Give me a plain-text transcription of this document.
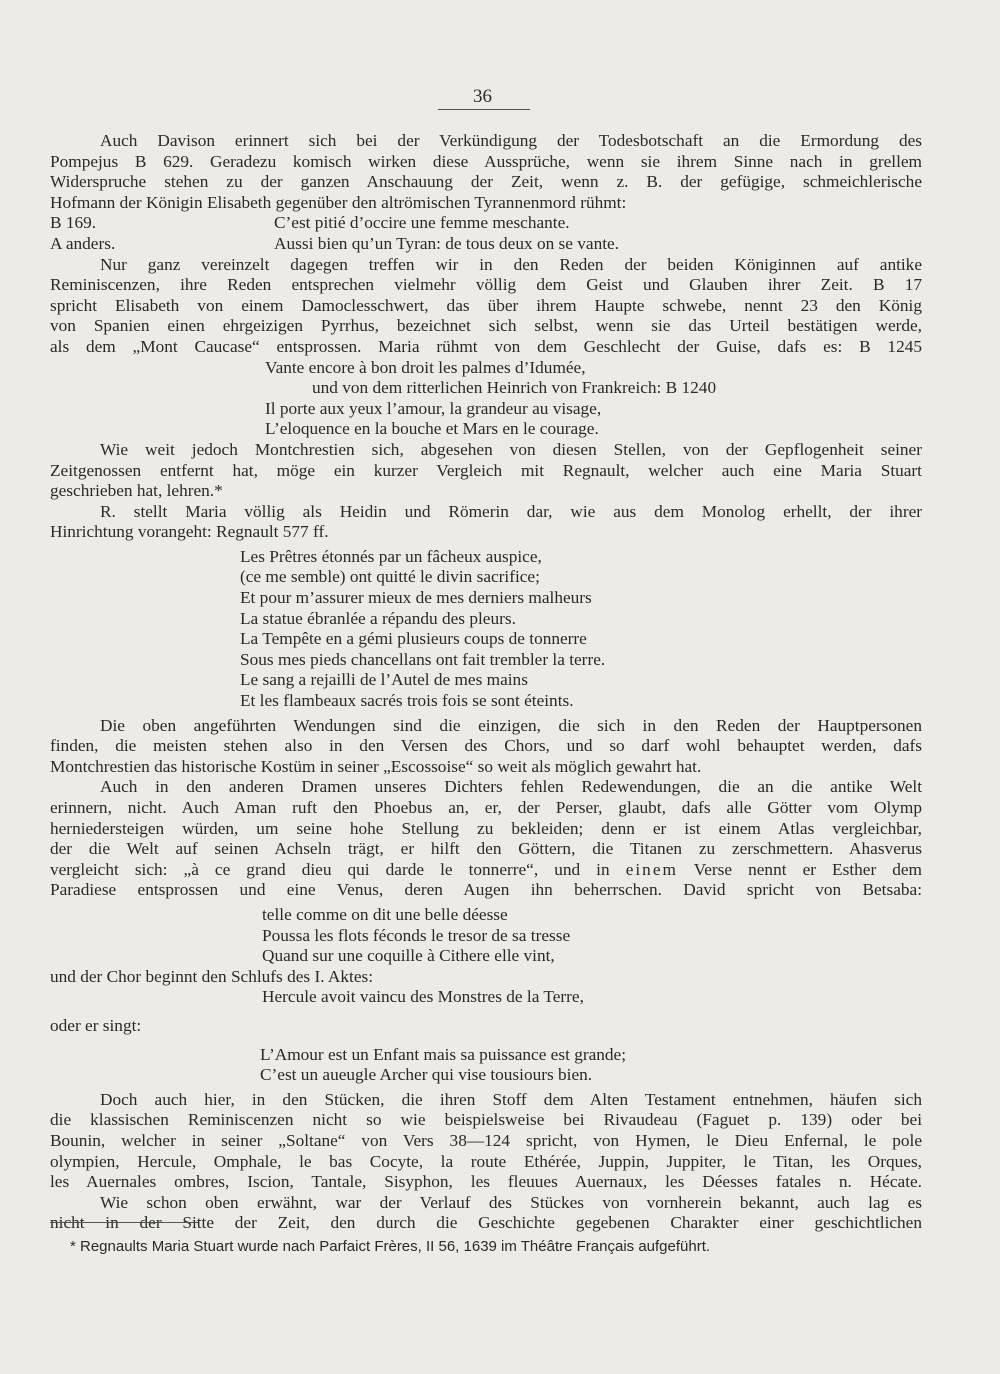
36
Auch Davison erinnert sich bei der Verkündigung der Todesbotschaft an die Ermordung des
Pompejus B 629. Geradezu komisch wirken diese Aussprüche, wenn sie ihrem Sinne nach in grellem
Widerspruche stehen zu der ganzen Anschauung der Zeit, wenn z. B. der gefügige, schmeichlerische
Hofmann der Königin Elisabeth gegenüber den altrömischen Tyrannenmord rühmt:
B 169.	C’est pitié d’occire une femme meschante.
A anders.	Aussi bien qu’un Tyran: de tous deux on se vante.
Nur ganz vereinzelt dagegen treffen wir in den Reden der beiden Königinnen auf antike
Reminiscenzen, ihre Reden entsprechen vielmehr völlig dem Geist und Glauben ihrer Zeit. B 17
spricht Elisabeth von einem Damoclesschwert, das über ihrem Haupte schwebe, nennt 23 den König
von Spanien einen ehrgeizigen Pyrrhus, bezeichnet sich selbst, wenn sie das Urteil bestätigen werde,
als dem „Mont Caucase“ entsprossen. Maria rühmt von dem Geschlecht der Guise, dafs es: B 1245
Vante encore à bon droit les palmes d’Idumée,
und von dem ritterlichen Heinrich von Frankreich: B 1240
Il porte aux yeux l’amour, la grandeur au visage,
L’eloquence en la bouche et Mars en le courage.
Wie weit jedoch Montchrestien sich, abgesehen von diesen Stellen, von der Gepflogenheit seiner
Zeitgenossen entfernt hat, möge ein kurzer Vergleich mit Regnault, welcher auch eine Maria Stuart
geschrieben hat, lehren.*
R. stellt Maria völlig als Heidin und Römerin dar, wie aus dem Monolog erhellt, der ihrer
Hinrichtung vorangeht: Regnault 577 ff.
Les Prêtres étonnés par un fâcheux auspice,
(ce me semble) ont quitté le divin sacrifice;
Et pour m’assurer mieux de mes derniers malheurs
La statue ébranlée a répandu des pleurs.
La Tempête en a gémi plusieurs coups de tonnerre
Sous mes pieds chancellans ont fait trembler la terre.
Le sang a rejailli de l’Autel de mes mains
Et les flambeaux sacrés trois fois se sont éteints.
Die oben angeführten Wendungen sind die einzigen, die sich in den Reden der Hauptpersonen
finden, die meisten stehen also in den Versen des Chors, und so darf wohl behauptet werden, dafs
Montchrestien das historische Kostüm in seiner „Escossoise“ so weit als möglich gewahrt hat.
Auch in den anderen Dramen unseres Dichters fehlen Redewendungen, die an die antike Welt
erinnern, nicht. Auch Aman ruft den Phoebus an, er, der Perser, glaubt, dafs alle Götter vom Olymp
herniedersteigen würden, um seine hohe Stellung zu bekleiden; denn er ist einem Atlas vergleichbar,
der die Welt auf seinen Achseln trägt, er hilft den Göttern, die Titanen zu zerschmettern. Ahasverus
vergleicht sich: „à ce grand dieu qui darde le tonnerre“, und in einem Verse nennt er Esther dem
Paradiese entsprossen und eine Venus, deren Augen ihn beherrschen. David spricht von Betsaba:
telle comme on dit une belle déesse
Poussa les flots féconds le tresor de sa tresse
Quand sur une coquille à Cithere elle vint,
und der Chor beginnt den Schlufs des I. Aktes:
Hercule avoit vaincu des Monstres de la Terre,
oder er singt:
L’Amour est un Enfant mais sa puissance est grande;
C’est un aueugle Archer qui vise tousiours bien.
Doch auch hier, in den Stücken, die ihren Stoff dem Alten Testament entnehmen, häufen sich
die klassischen Reminiscenzen nicht so wie beispielsweise bei Rivaudeau (Faguet p. 139) oder bei
Bounin, welcher in seiner „Soltane“ von Vers 38—124 spricht, von Hymen, le Dieu Enfernal, le pole
olympien, Hercule, Omphale, le bas Cocyte, la route Ethérée, Juppin, Juppiter, le Titan, les Orques,
les Auernales ombres, Iscion, Tantale, Sisyphon, les fleuues Auernaux, les Déesses fatales n. Hécate.
Wie schon oben erwähnt, war der Verlauf des Stückes von vornherein bekannt, auch lag es
nicht in der Sitte der Zeit, den durch die Geschichte gegebenen Charakter einer geschichtlichen
* Regnaults Maria Stuart wurde nach Parfaict Frères, II 56, 1639 im Théâtre Français aufgeführt.
